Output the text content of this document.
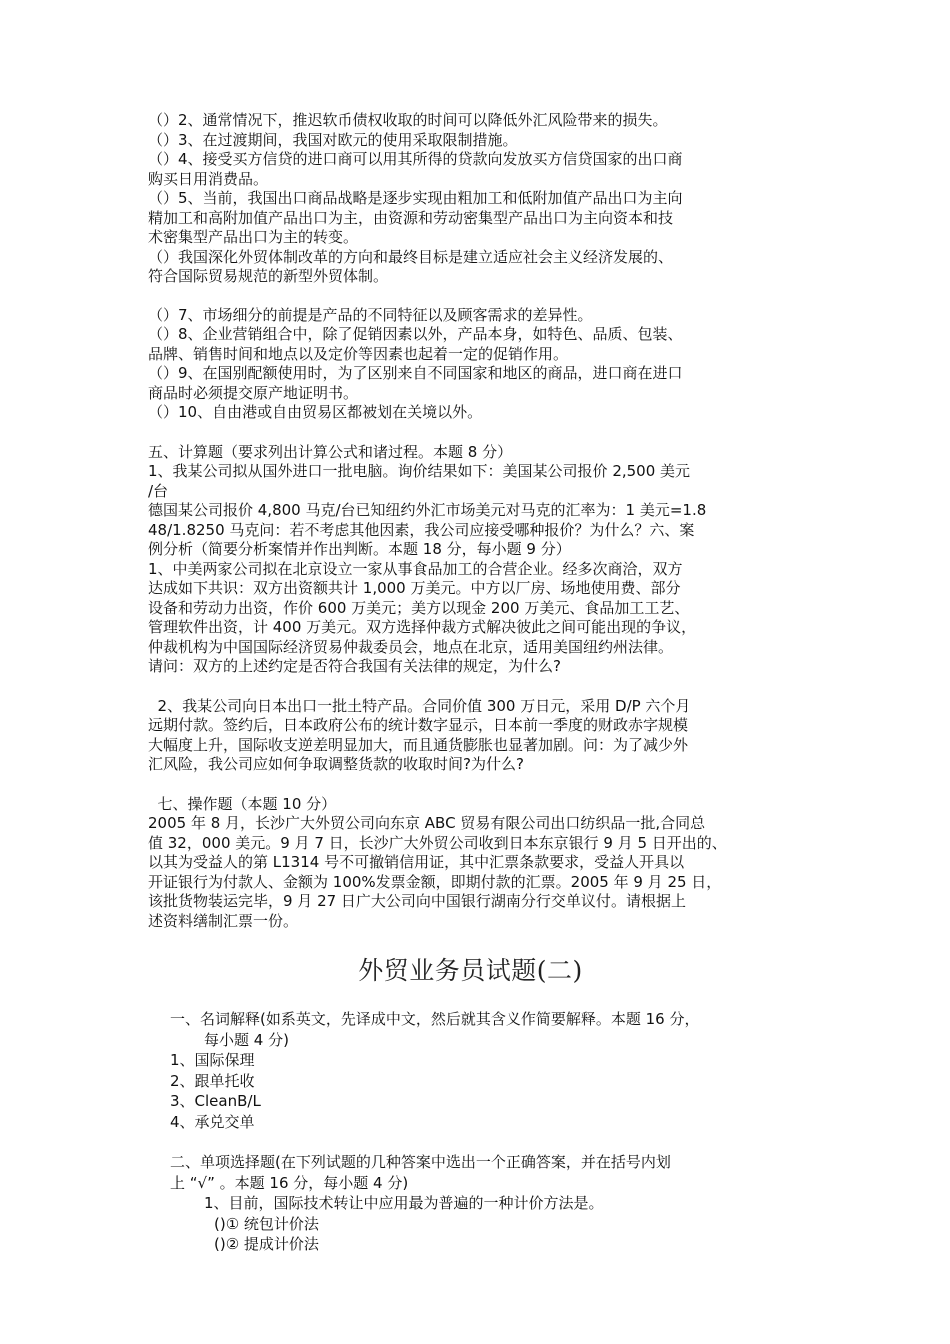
（）2、通常情况下，推迟软币债权收取的时间可以降低外汇风险带来的损失。

（）3、在过渡期间，我国对欧元的使用采取限制措施。

（）4、接受买方信贷的进口商可以用其所得的贷款向发放买方信贷国家的出口商

购买日用消费品。

（）5、当前，我国出口商品战略是逐步实现由粗加工和低附加值产品出口为主向

精加工和高附加值产品出口为主，由资源和劳动密集型产品出口为主向资本和技

术密集型产品出口为主的转变。

（）我国深化外贸体制改革的方向和最终目标是建立适应社会主义经济发展的、

符合国际贸易规范的新型外贸体制。

（）7、市场细分的前提是产品的不同特征以及顾客需求的差异性。

（）8、企业营销组合中，除了促销因素以外，产品本身，如特色、品质、包装、

品牌、销售时间和地点以及定价等因素也起着一定的促销作用。

（）9、在国别配额使用时，为了区别来自不同国家和地区的商品，进口商在进口

商品时必须提交原产地证明书。

（）10、自由港或自由贸易区都被划在关境以外。

五、计算题（要求列出计算公式和诸过程。本题 8 分）

1、我某公司拟从国外进口一批电脑。询价结果如下：美国某公司报价 2,500 美元

/台

德国某公司报价 4,800 马克/台已知纽约外汇市场美元对马克的汇率为：1 美元=1.8

48/1.8250 马克问：若不考虑其他因素，我公司应接受哪种报价？为什么？六、案

例分析（简要分析案情并作出判断。本题 18 分，每小题 9 分）

1、中美两家公司拟在北京设立一家从事食品加工的合营企业。经多次商洽，双方

达成如下共识：双方出资额共计 1,000 万美元。中方以厂房、场地使用费、部分

设备和劳动力出资，作价 600 万美元；美方以现金 200 万美元、食品加工工艺、

管理软件出资，计 400 万美元。双方选择仲裁方式解决彼此之间可能出现的争议，

仲裁机构为中国国际经济贸易仲裁委员会，地点在北京，适用美国纽约州法律。

请问：双方的上述约定是否符合我国有关法律的规定，为什么?

2、我某公司向日本出口一批土特产品。合同价值 300 万日元，采用 D/P 六个月

远期付款。签约后，日本政府公布的统计数字显示，日本前一季度的财政赤字规模

大幅度上升，国际收支逆差明显加大，而且通货膨胀也显著加剧。问：为了减少外

汇风险，我公司应如何争取调整货款的收取时间?为什么?

七、操作题（本题 10 分）

2005 年 8 月，长沙广大外贸公司向东京 ABC 贸易有限公司出口纺织品一批,合同总

值 32，000 美元。9 月 7 日，长沙广大外贸公司收到日本东京银行 9 月 5 日开出的、

以其为受益人的第 L1314 号不可撤销信用证，其中汇票条款要求，受益人开具以

开证银行为付款人、金额为 100%发票金额，即期付款的汇票。2005 年 9 月 25 日，

该批货物装运完毕，9 月 27 日广大公司向中国银行湖南分行交单议付。请根据上

述资料缮制汇票一份。

外贸业务员试题(二)

一、名词解释(如系英文，先译成中文，然后就其含义作简要解释。本题 16 分，

每小题 4 分)

1、国际保理

2、跟单托收

3、CleanB/L

4、承兑交单

二、单项选择题(在下列试题的几种答案中选出一个正确答案，并在括号内划

上 “√” 。本题 16 分，每小题 4 分)

1、目前，国际技术转让中应用最为普遍的一种计价方法是。

()① 统包计价法

()② 提成计价法
